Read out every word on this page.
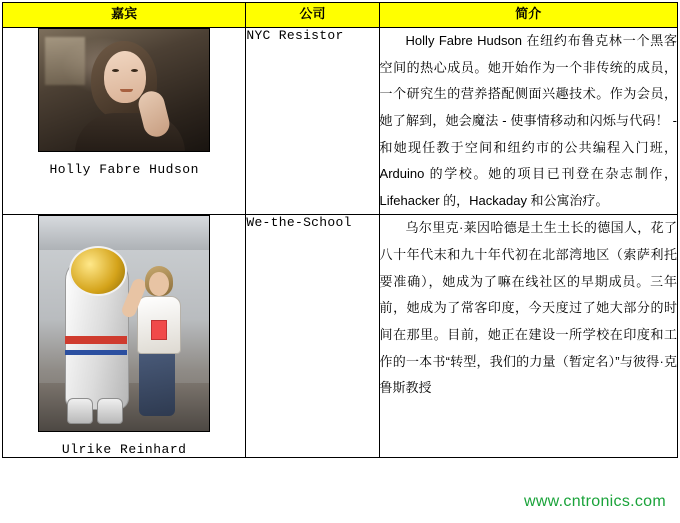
嘉宾	公司	简介

Holly Fabre Hudson	NYC Resistor	Holly Fabre Hudson 在纽约布鲁克林一个黑客空间的热心成员。她开始作为一个非传统的成员，一个研究生的营养搭配侧面兴趣技术。作为会员，她了解到，她会魔法 - 使事情移动和闪烁与代码！ - 和她现任教于空间和纽约市的公共编程入门班，Arduino 的学校。她的项目已刊登在杂志制作，Lifehacker 的，Hackaday 和公寓治疗。

Ulrike Reinhard	We-the-School	乌尔里克·莱因哈德是土生土长的德国人，花了八十年代末和九十年代初在北部湾地区（索萨利托要准确），她成为了嘛在线社区的早期成员。三年前，她成为了常客印度，今天度过了她大部分的时间在那里。目前，她正在建设一所学校在印度和工作的一本书“转型，我们的力量（暂定名）”与彼得·克鲁斯教授

www.cntronics.com
